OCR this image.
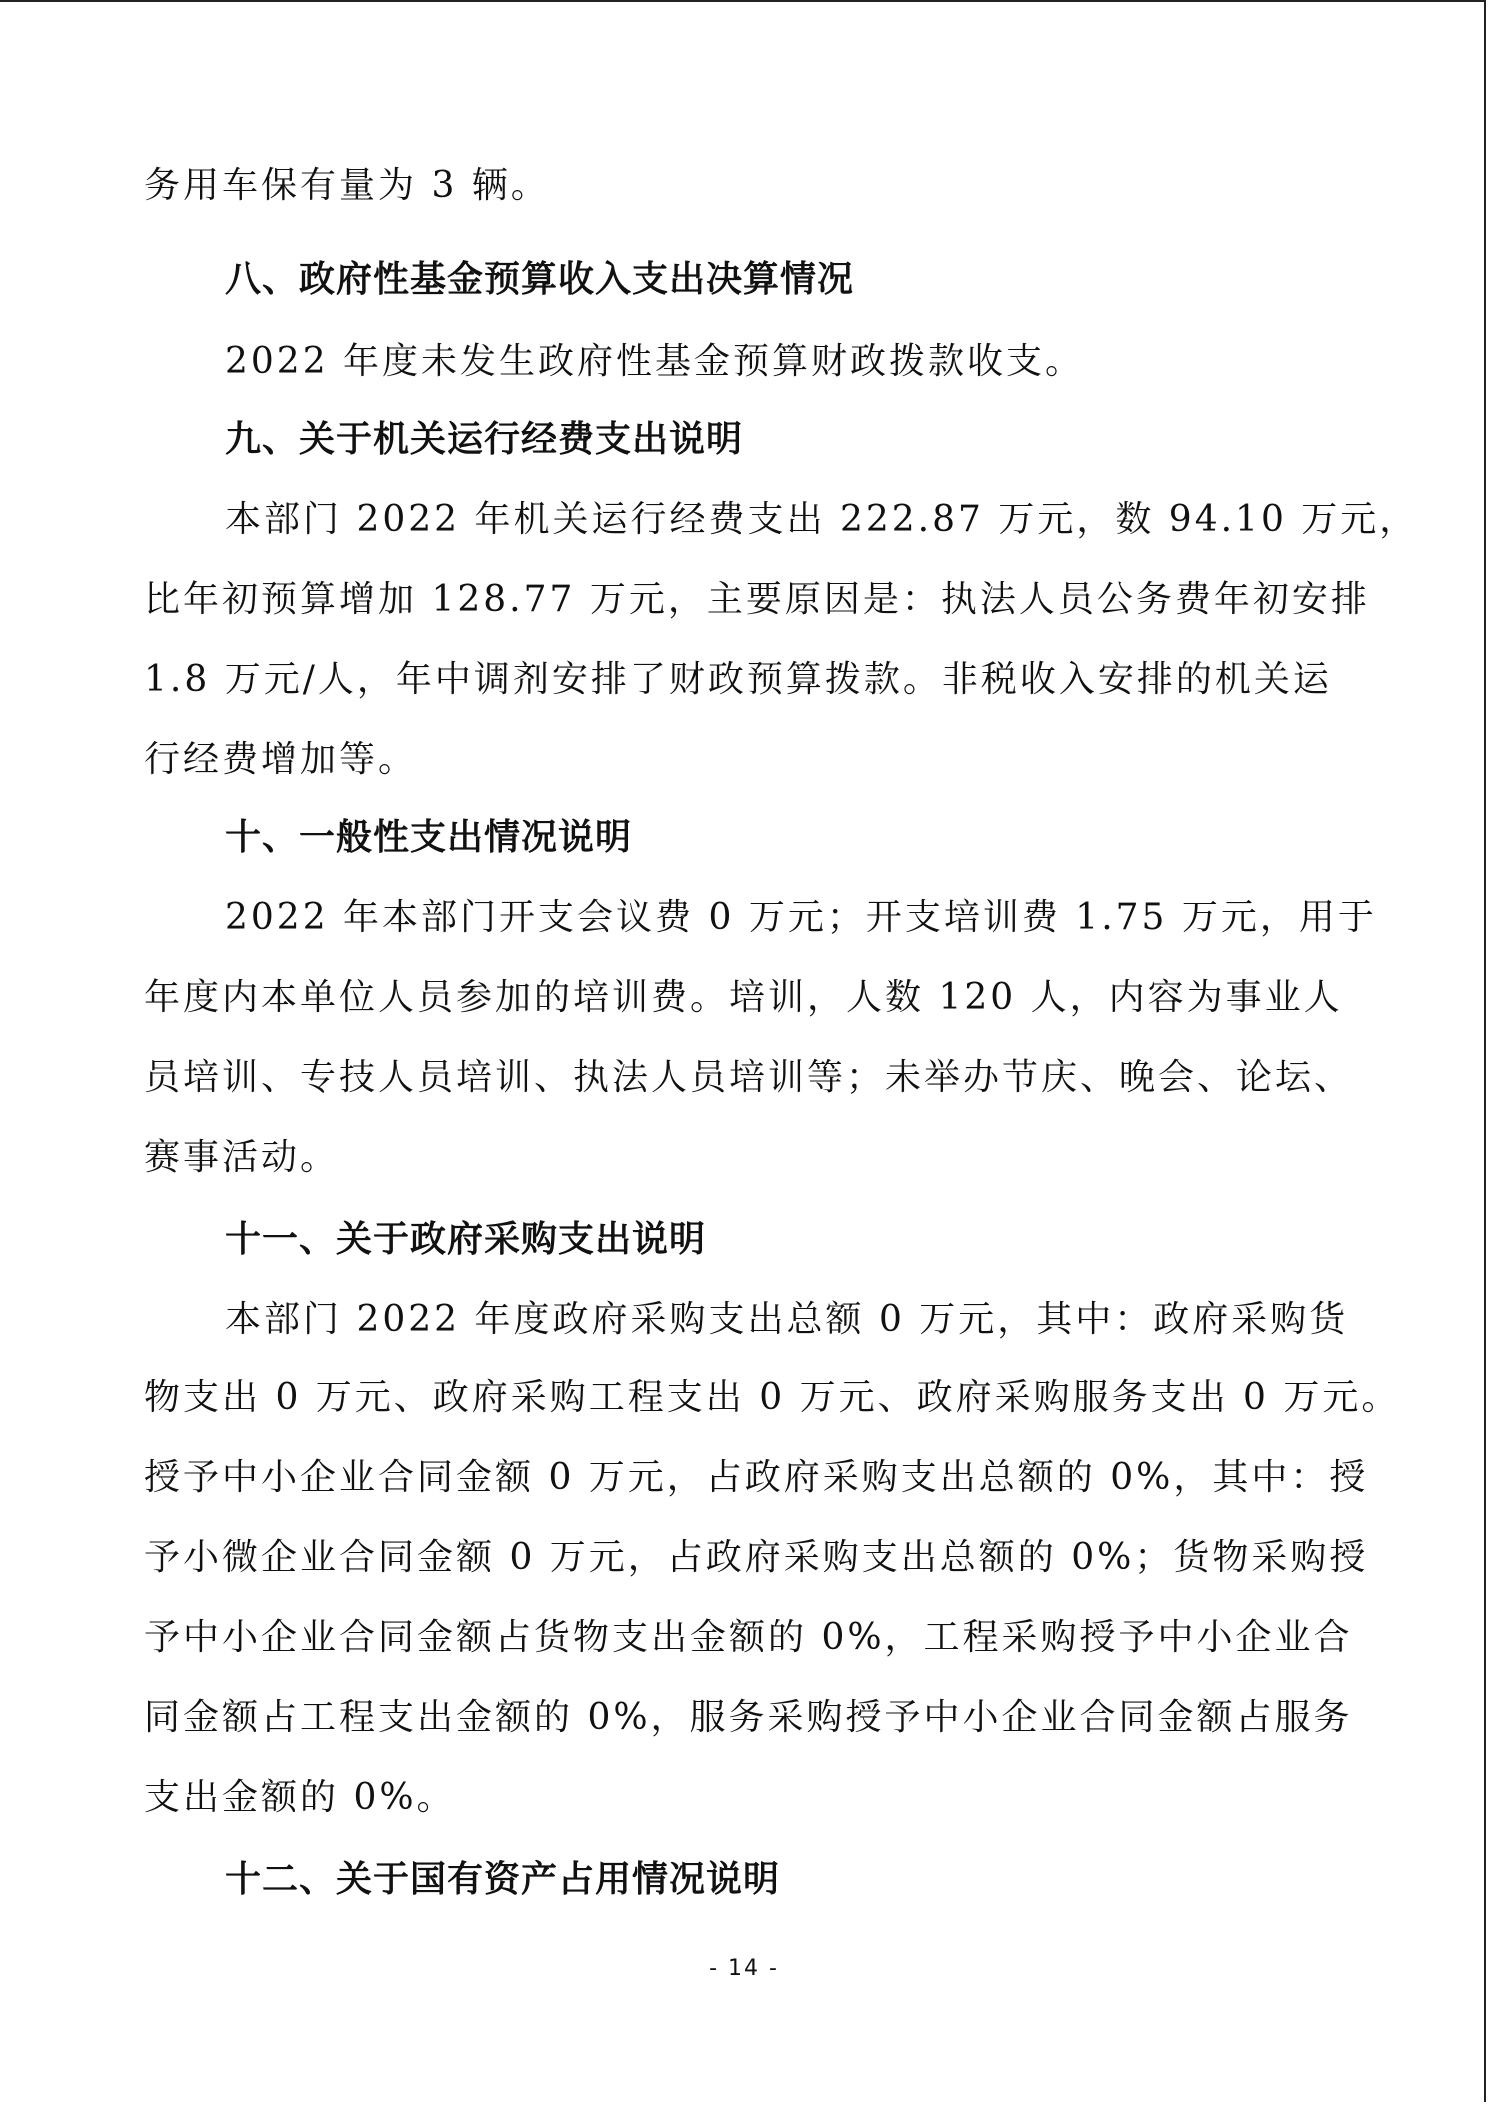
务用车保有量为 3 辆。

八、政府性基金预算收入支出决算情况

2022 年度未发生政府性基金预算财政拨款收支。

九、关于机关运行经费支出说明

本部门 2022 年机关运行经费支出 222.87 万元，数 94.10 万元，

比年初预算增加 128.77 万元，主要原因是：执法人员公务费年初安排

1.8 万元/人，年中调剂安排了财政预算拨款。非税收入安排的机关运

行经费增加等。

十、一般性支出情况说明

2022 年本部门开支会议费 0 万元；开支培训费 1.75 万元，用于

年度内本单位人员参加的培训费。培训，人数 120 人，内容为事业人

员培训、专技人员培训、执法人员培训等；未举办节庆、晚会、论坛、

赛事活动。

十一、关于政府采购支出说明

本部门 2022 年度政府采购支出总额 0 万元，其中：政府采购货

物支出 0 万元、政府采购工程支出 0 万元、政府采购服务支出 0 万元。

授予中小企业合同金额 0 万元，占政府采购支出总额的 0%，其中：授

予小微企业合同金额 0 万元，占政府采购支出总额的 0%；货物采购授

予中小企业合同金额占货物支出金额的 0%，工程采购授予中小企业合

同金额占工程支出金额的 0%，服务采购授予中小企业合同金额占服务

支出金额的 0%。

十二、关于国有资产占用情况说明

- 14 -
